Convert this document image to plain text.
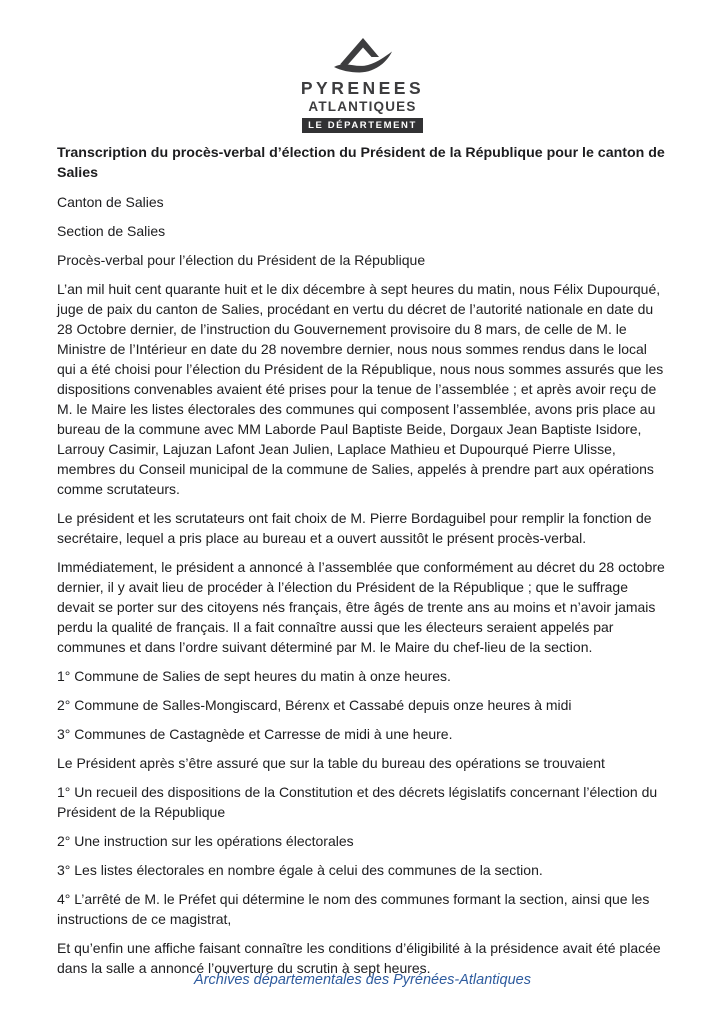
PYRENEES
ATLANTIQUES
LE DÉPARTEMENT

Transcription du procès-verbal d’élection du Président de la République pour le canton de Salies

Canton de Salies

Section de Salies

Procès-verbal pour l’élection du Président de la République

L’an mil huit cent quarante huit et le dix décembre à sept heures du matin, nous Félix Dupourqué, juge de paix du canton de Salies, procédant en vertu du décret de l’autorité nationale en date du 28 Octobre dernier, de l’instruction du Gouvernement provisoire du 8 mars, de celle de M. le Ministre de l’Intérieur en date du 28 novembre dernier, nous nous sommes rendus dans le local qui a été choisi pour l’élection du Président de la République, nous nous sommes assurés que les dispositions convenables avaient été prises pour la tenue de l’assemblée ; et après avoir reçu de M. le Maire les listes électorales des communes qui composent l’assemblée, avons pris place au bureau de la commune avec MM Laborde Paul Baptiste Beide, Dorgaux Jean Baptiste Isidore, Larrouy Casimir, Lajuzan Lafont Jean Julien, Laplace Mathieu et Dupourqué Pierre Ulisse, membres du Conseil municipal de la commune de Salies, appelés à prendre part aux opérations comme scrutateurs.

Le président et les scrutateurs ont fait choix de M. Pierre Bordaguibel pour remplir la fonction de secrétaire, lequel a pris place au bureau et a ouvert aussitôt le présent procès-verbal.

Immédiatement, le président a annoncé à l’assemblée que conformément au décret du 28 octobre dernier, il y avait lieu de procéder à l’élection du Président de la République ; que le suffrage devait se porter sur des citoyens nés français, être âgés de trente ans au moins et n’avoir jamais perdu la qualité de français. Il a fait connaître aussi que les électeurs seraient appelés par communes et dans l’ordre suivant déterminé par M. le Maire du chef-lieu de la section.

1° Commune de Salies de sept heures du matin à onze heures.

2° Commune de Salles-Mongiscard, Bérenx et Cassabé depuis onze heures à midi

3° Communes de Castagnède et Carresse de midi à une heure.

Le Président après s’être assuré que sur la table du bureau des opérations se trouvaient

1° Un recueil des dispositions de la Constitution et des décrets législatifs concernant l’élection du Président de la République

2° Une instruction sur les opérations électorales

3° Les listes électorales en nombre égale à celui des communes de la section.

4° L’arrêté de M. le Préfet qui détermine le nom des communes formant la section, ainsi que les instructions de ce magistrat,

Et qu’enfin une affiche faisant connaître les conditions d’éligibilité à la présidence avait été placée dans la salle a annoncé l’ouverture du scrutin à sept heures.

Archives départementales des Pyrénées-Atlantiques
